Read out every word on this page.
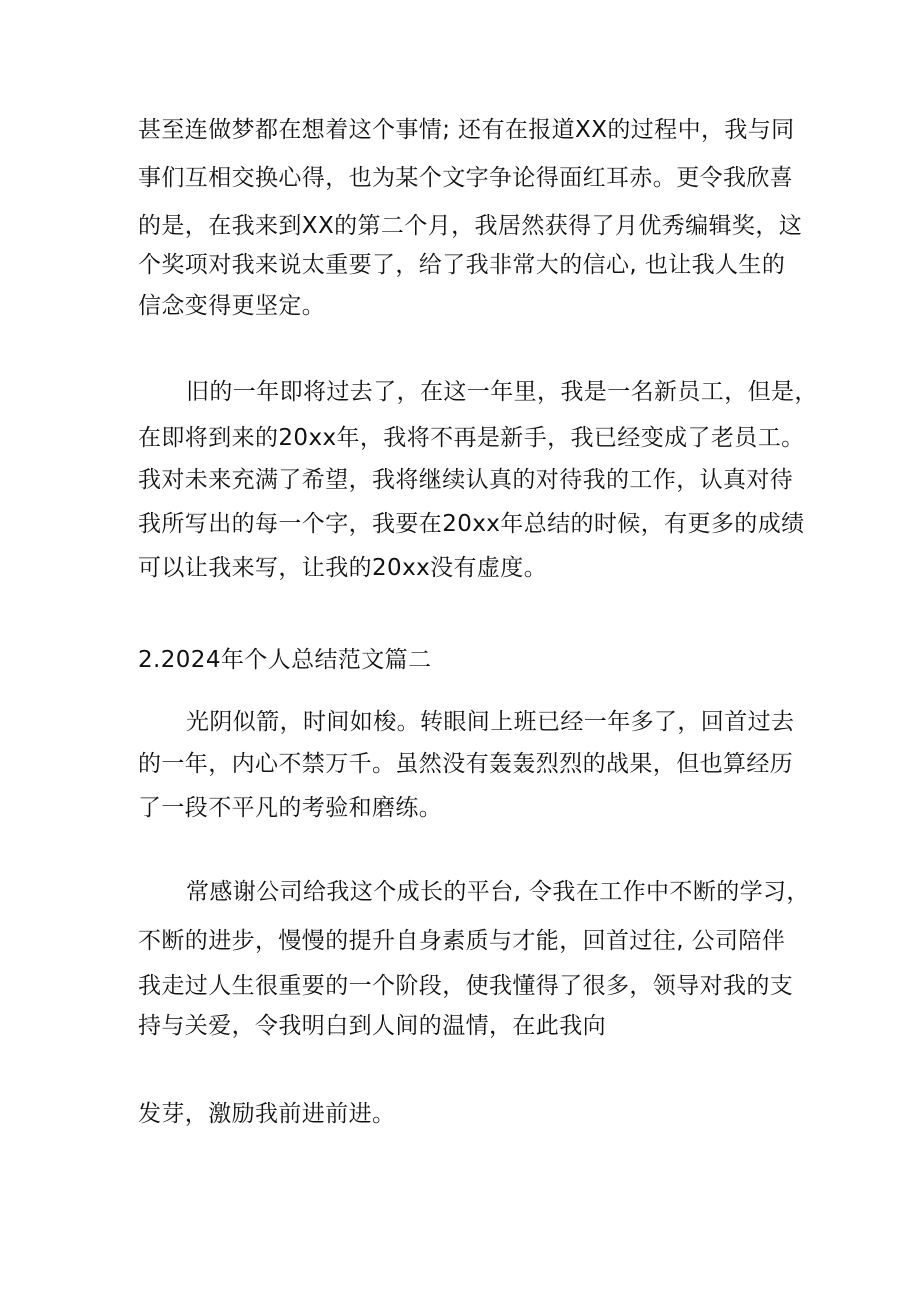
甚至连做梦都在想着这个事情; 还有在报道XX的过程中，我与同
事们互相交换心得，也为某个文字争论得面红耳赤。更令我欣喜
的是，在我来到XX的第二个月，我居然获得了月优秀编辑奖，这
个奖项对我来说太重要了，给了我非常大的信心, 也让我人生的
信念变得更坚定。
旧的一年即将过去了，在这一年里，我是一名新员工，但是，
在即将到来的20xx年，我将不再是新手，我已经变成了老员工。
我对未来充满了希望，我将继续认真的对待我的工作，认真对待
我所写出的每一个字，我要在20xx年总结的时候，有更多的成绩
可以让我来写，让我的20xx没有虚度。
2.2024年个人总结范文篇二
光阴似箭，时间如梭。转眼间上班已经一年多了，回首过去
的一年，内心不禁万千。虽然没有轰轰烈烈的战果，但也算经历
了一段不平凡的考验和磨练。
常感谢公司给我这个成长的平台, 令我在工作中不断的学习，
不断的进步，慢慢的提升自身素质与才能，回首过往, 公司陪伴
我走过人生很重要的一个阶段，使我懂得了很多，领导对我的支
持与关爱，令我明白到人间的温情，在此我向
发芽，激励我前进前进。
